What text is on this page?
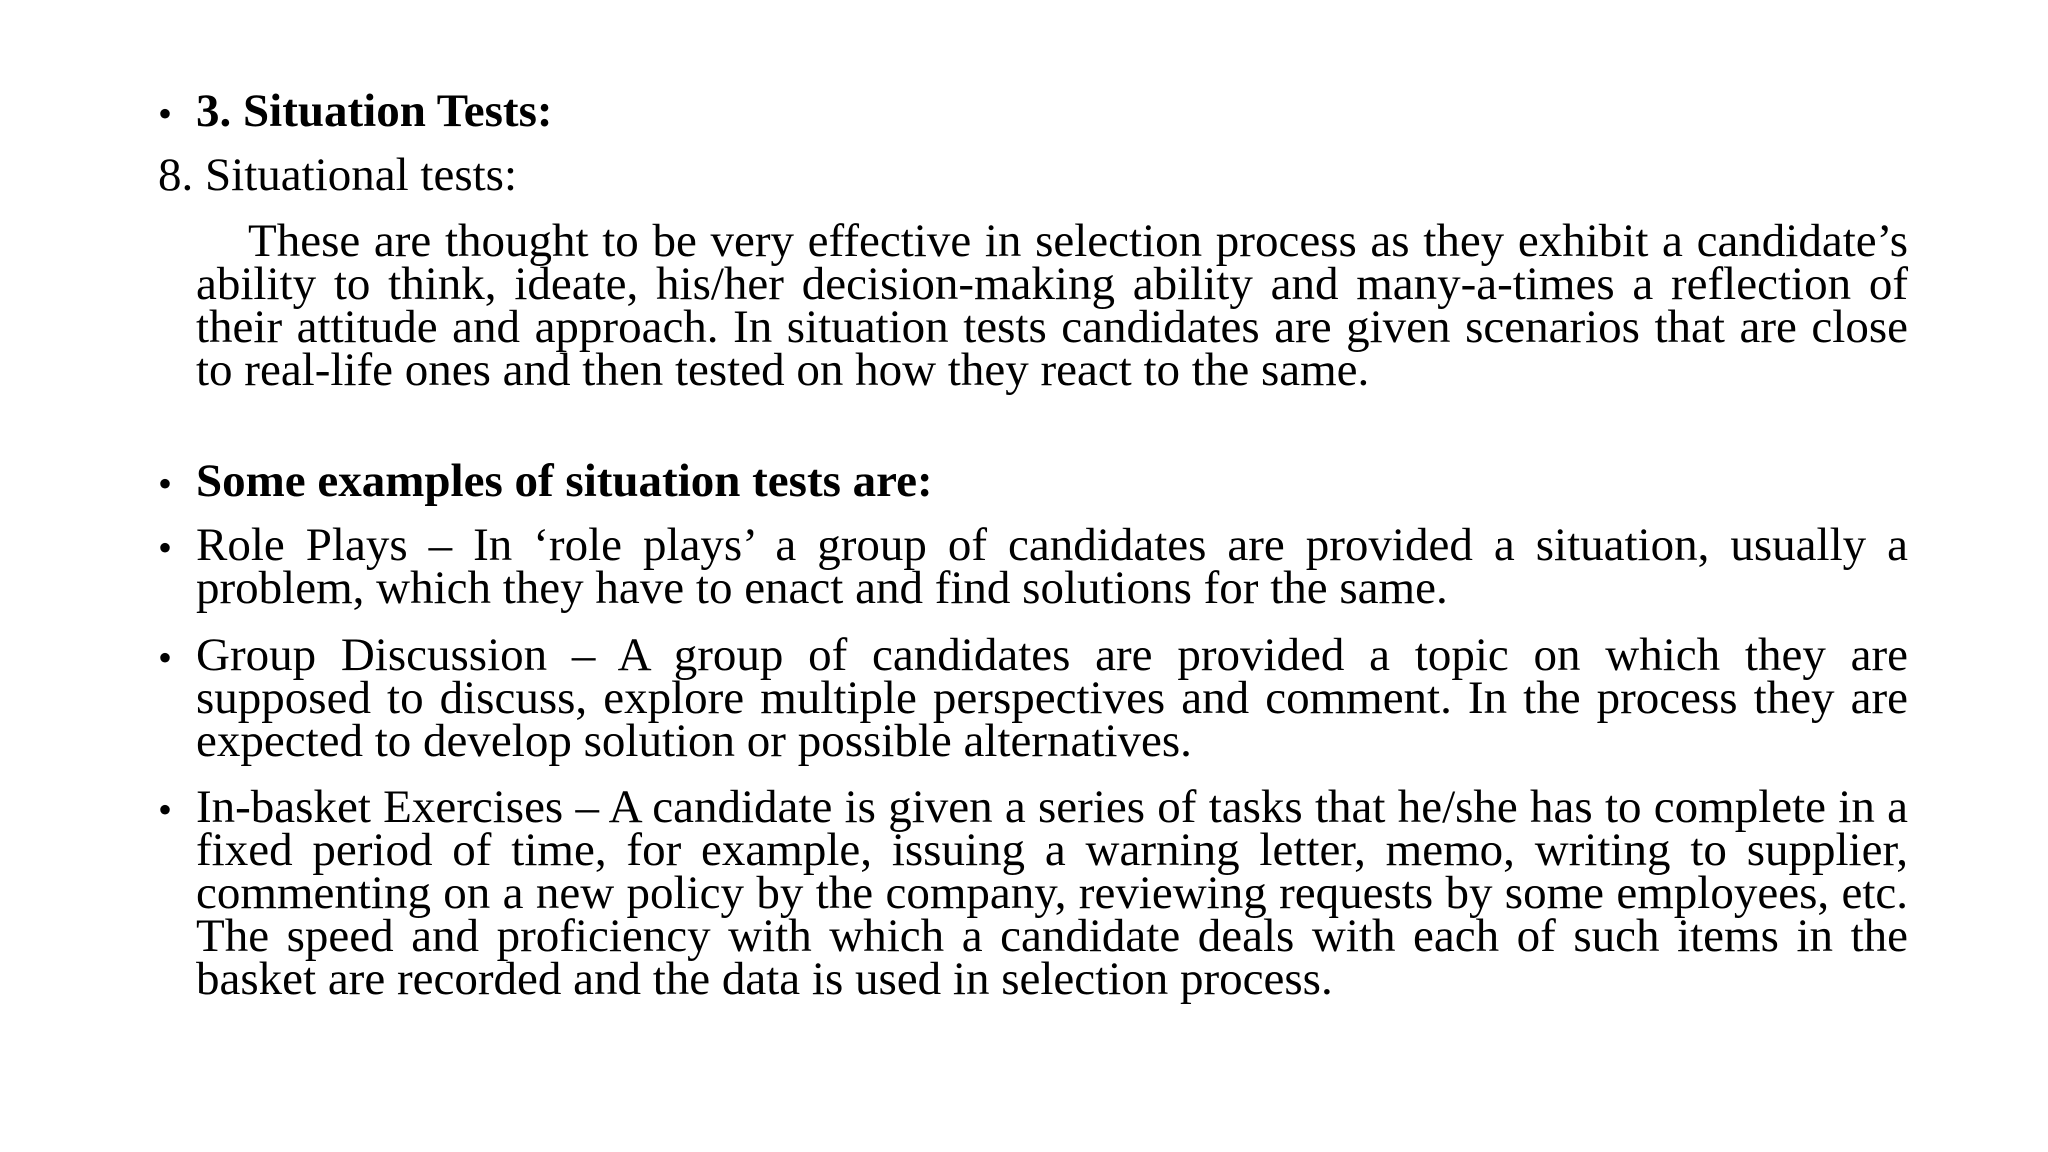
• 3. Situation Tests:
8. Situational tests:
These are thought to be very effective in selection process as they exhibit a candidate’s ability to think, ideate, his/her decision-making ability and many-a-times a reflection of their attitude and approach. In situation tests candidates are given scenarios that are close to real-life ones and then tested on how they react to the same.
• Some examples of situation tests are:
• Role Plays – In ‘role plays’ a group of candidates are provided a situation, usually a problem, which they have to enact and find solutions for the same.
• Group Discussion – A group of candidates are provided a topic on which they are supposed to discuss, explore multiple perspectives and comment. In the process they are expected to develop solution or possible alternatives.
• In-basket Exercises – A candidate is given a series of tasks that he/she has to complete in a fixed period of time, for example, issuing a warning letter, memo, writing to supplier, commenting on a new policy by the company, reviewing requests by some employees, etc. The speed and proficiency with which a candidate deals with each of such items in the basket are recorded and the data is used in selection process.
